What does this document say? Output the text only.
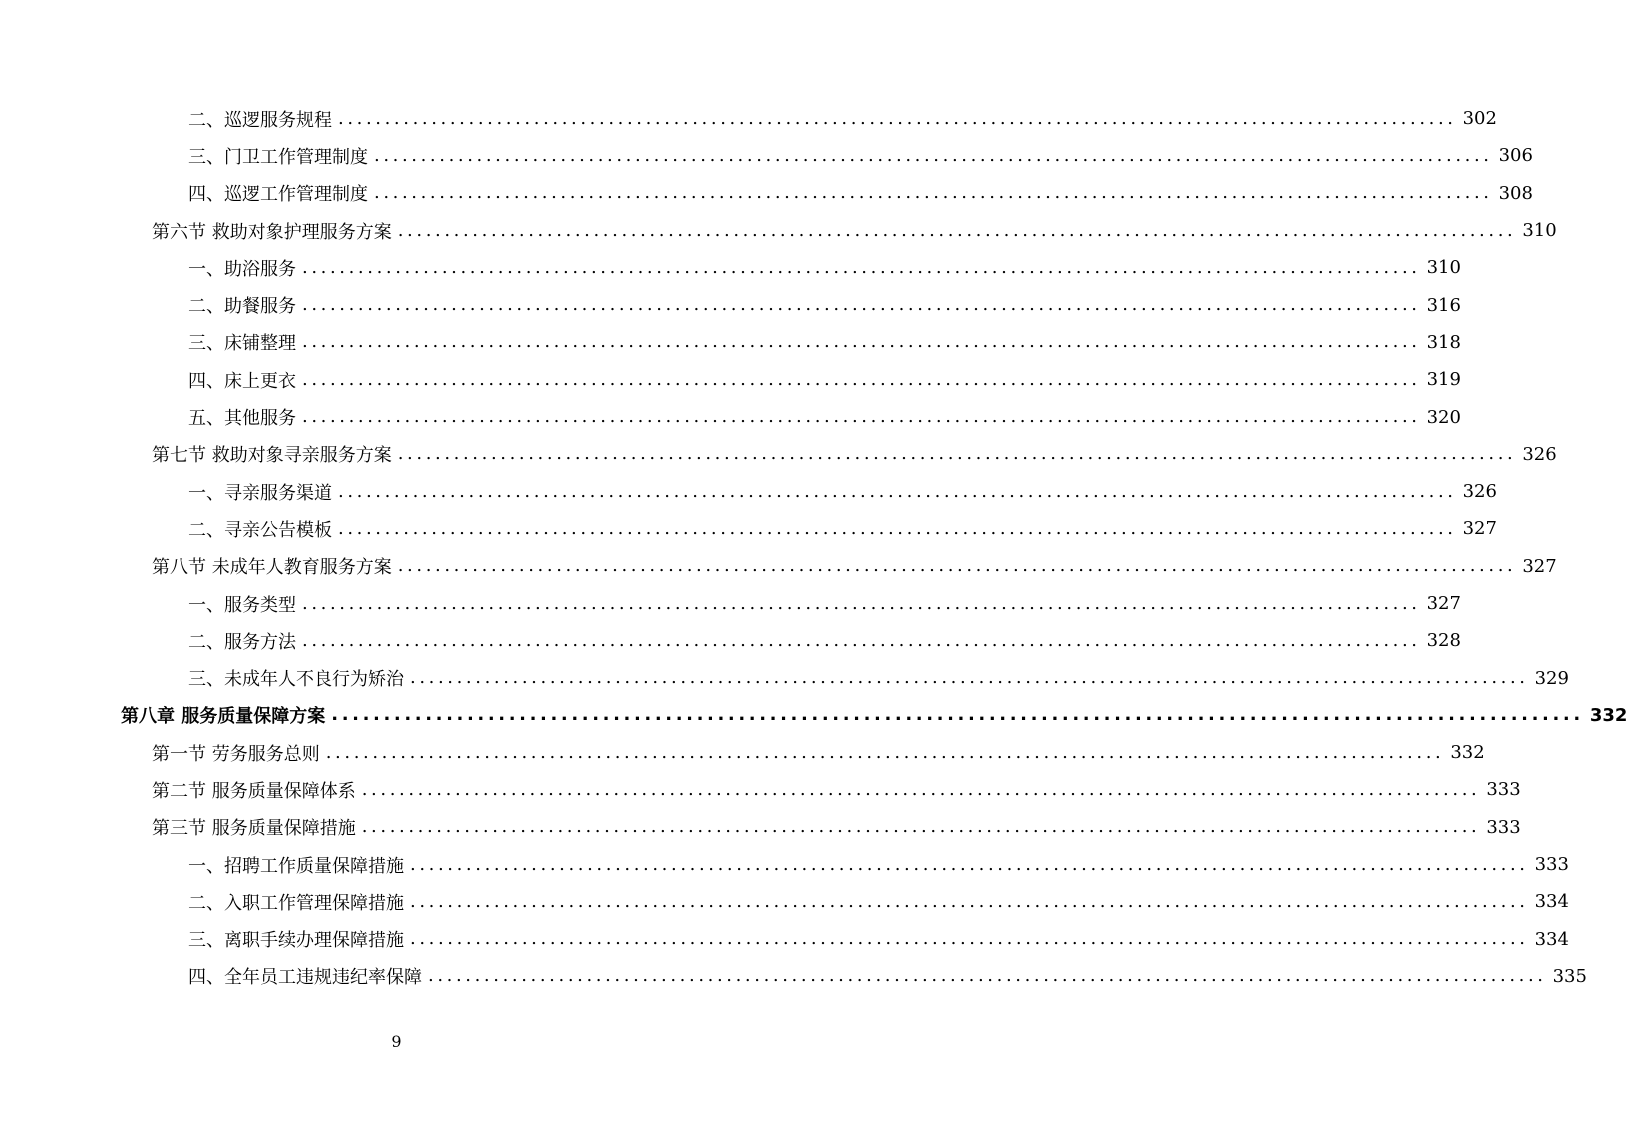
二、巡逻服务规程 ........................................................................................................................ 302
三、门卫工作管理制度 ........................................................................................................................ 306
四、巡逻工作管理制度 ........................................................................................................................ 308
第六节 救助对象护理服务方案 ........................................................................................................................ 310
一、助浴服务 ........................................................................................................................ 310
二、助餐服务 ........................................................................................................................ 316
三、床铺整理 ........................................................................................................................ 318
四、床上更衣 ........................................................................................................................ 319
五、其他服务 ........................................................................................................................ 320
第七节 救助对象寻亲服务方案 ........................................................................................................................ 326
一、寻亲服务渠道 ........................................................................................................................ 326
二、寻亲公告模板 ........................................................................................................................ 327
第八节 未成年人教育服务方案 ........................................................................................................................ 327
一、服务类型 ........................................................................................................................ 327
二、服务方法 ........................................................................................................................ 328
三、未成年人不良行为矫治 ........................................................................................................................ 329
第八章 服务质量保障方案 ........................................................................................................................ 332
第一节 劳务服务总则 ........................................................................................................................ 332
第二节 服务质量保障体系 ........................................................................................................................ 333
第三节 服务质量保障措施 ........................................................................................................................ 333
一、招聘工作质量保障措施 ........................................................................................................................ 333
二、入职工作管理保障措施 ........................................................................................................................ 334
三、离职手续办理保障措施 ........................................................................................................................ 334
四、全年员工违规违纪率保障 ........................................................................................................................ 335
9
